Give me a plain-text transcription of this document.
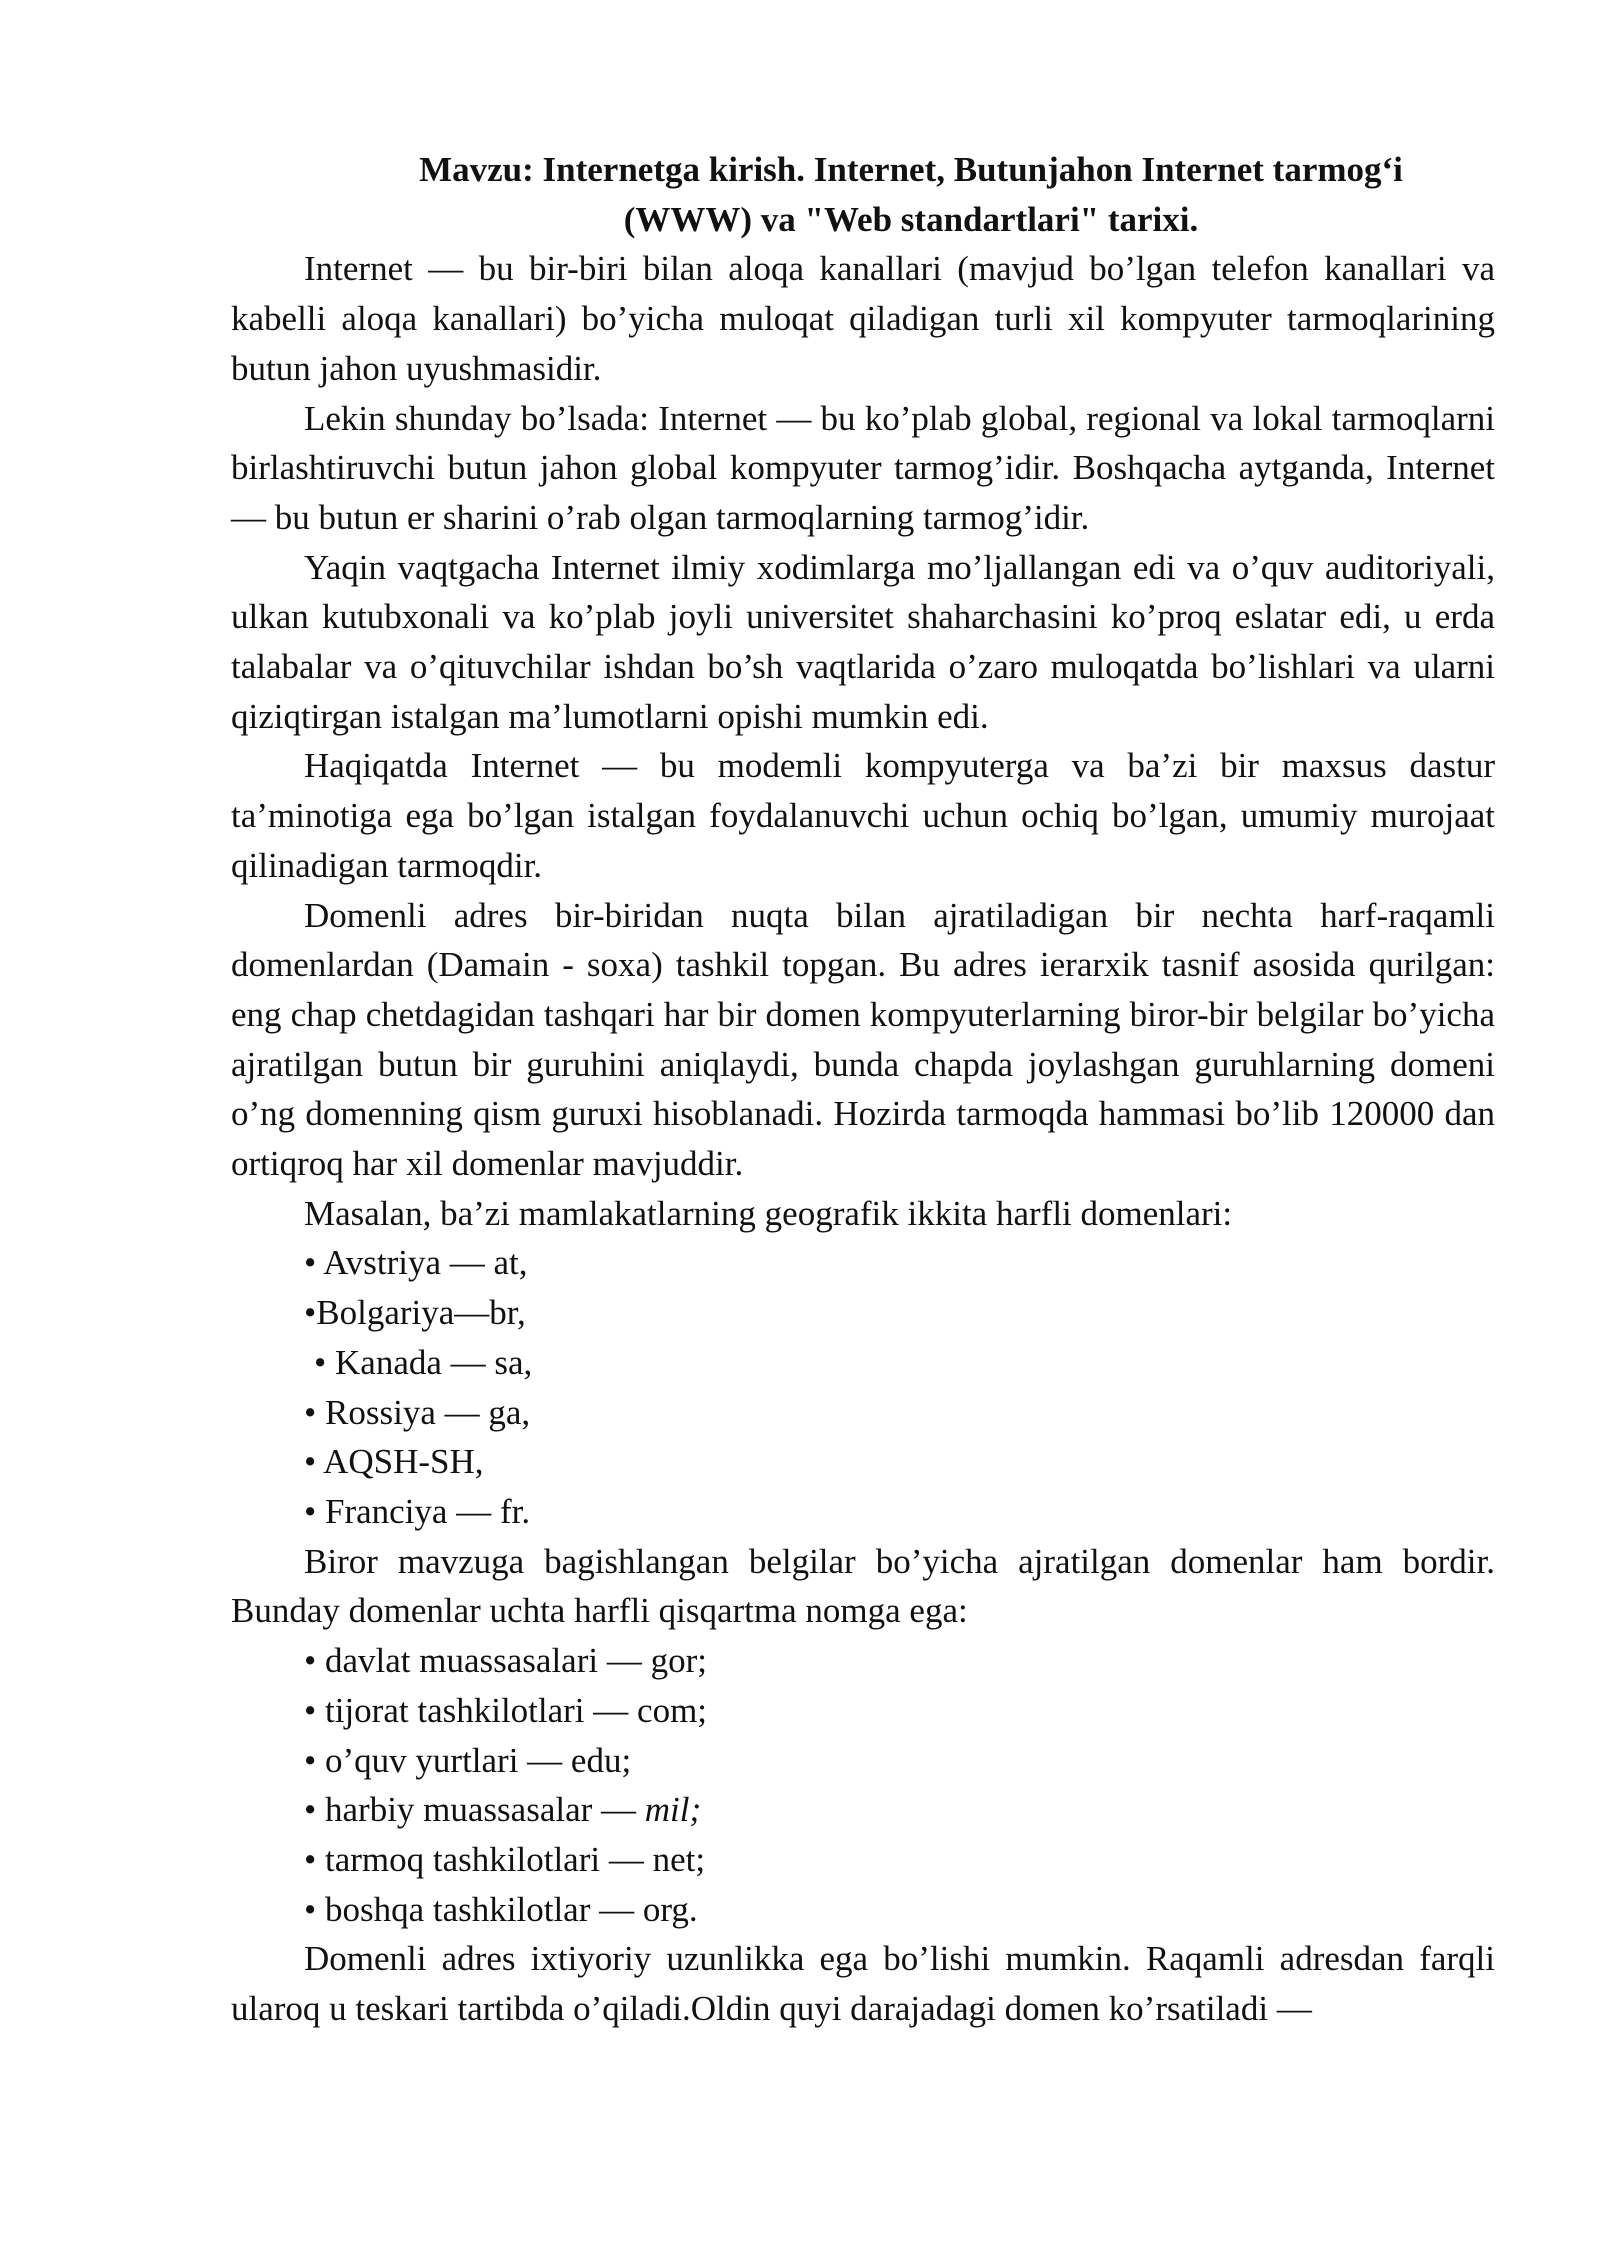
Mavzu: Internetga kirish. Internet, Butunjahon Internet tarmog‘i
(WWW) va "Web standartlari" tarixi.

Internet — bu bir-biri bilan aloqa kanallari (mavjud bo’lgan telefon kanallari va kabelli aloqa kanallari) bo’yicha muloqat qiladigan turli xil kompyuter tarmoqlarining butun jahon uyushmasidir.

Lekin shunday bo’lsada: Internet — bu ko’plab global, regional va lokal tarmoqlarni birlashtiruvchi butun jahon global kompyuter tarmog’idir. Boshqacha aytganda, Internet — bu butun er sharini o’rab olgan tarmoqlarning tarmog’idir.

Yaqin vaqtgacha Internet ilmiy xodimlarga mo’ljallangan edi va o’quv auditoriyali, ulkan kutubxonali va ko’plab joyli universitet shaharchasini ko’proq eslatar edi, u erda talabalar va o’qituvchilar ishdan bo’sh vaqtlarida o’zaro muloqatda bo’lishlari va ularni qiziqtirgan istalgan ma’lumotlarni opishi mumkin edi.

Haqiqatda Internet — bu modemli kompyuterga va ba’zi bir maxsus dastur ta’minotiga ega bo’lgan istalgan foydalanuvchi uchun ochiq bo’lgan, umumiy murojaat qilinadigan tarmoqdir.

Domenli adres bir-biridan nuqta bilan ajratiladigan bir nechta harf-raqamli domenlardan (Damain - soxa) tashkil topgan. Bu adres ierarxik tasnif asosida qurilgan: eng chap chetdagidan tashqari har bir domen kompyuterlarning biror-bir belgilar bo’yicha ajratilgan butun bir guruhini aniqlaydi, bunda chapda joylashgan guruhlarning domeni o’ng domenning qism guruxi hisoblanadi. Hozirda tarmoqda hammasi bo’lib 120000 dan ortiqroq har xil domenlar mavjuddir.

Masalan, ba’zi mamlakatlarning geografik ikkita harfli domenlari:

• Avstriya — at,
•Bolgariya—br,
• Kanada — sa,
• Rossiya — ga,
• AQSH-SH,
• Franciya — fr.

Biror mavzuga bagishlangan belgilar bo’yicha ajratilgan domenlar ham bordir. Bunday domenlar uchta harfli qisqartma nomga ega:

• davlat muassasalari — gor;
• tijorat tashkilotlari — com;
• o’quv yurtlari — edu;
• harbiy muassasalar — mil;
• tarmoq tashkilotlari — net;
• boshqa tashkilotlar — org.

Domenli adres ixtiyoriy uzunlikka ega bo’lishi mumkin. Raqamli adresdan farqli ularoq u teskari tartibda o’qiladi.Oldin quyi darajadagi domen ko’rsatiladi —
